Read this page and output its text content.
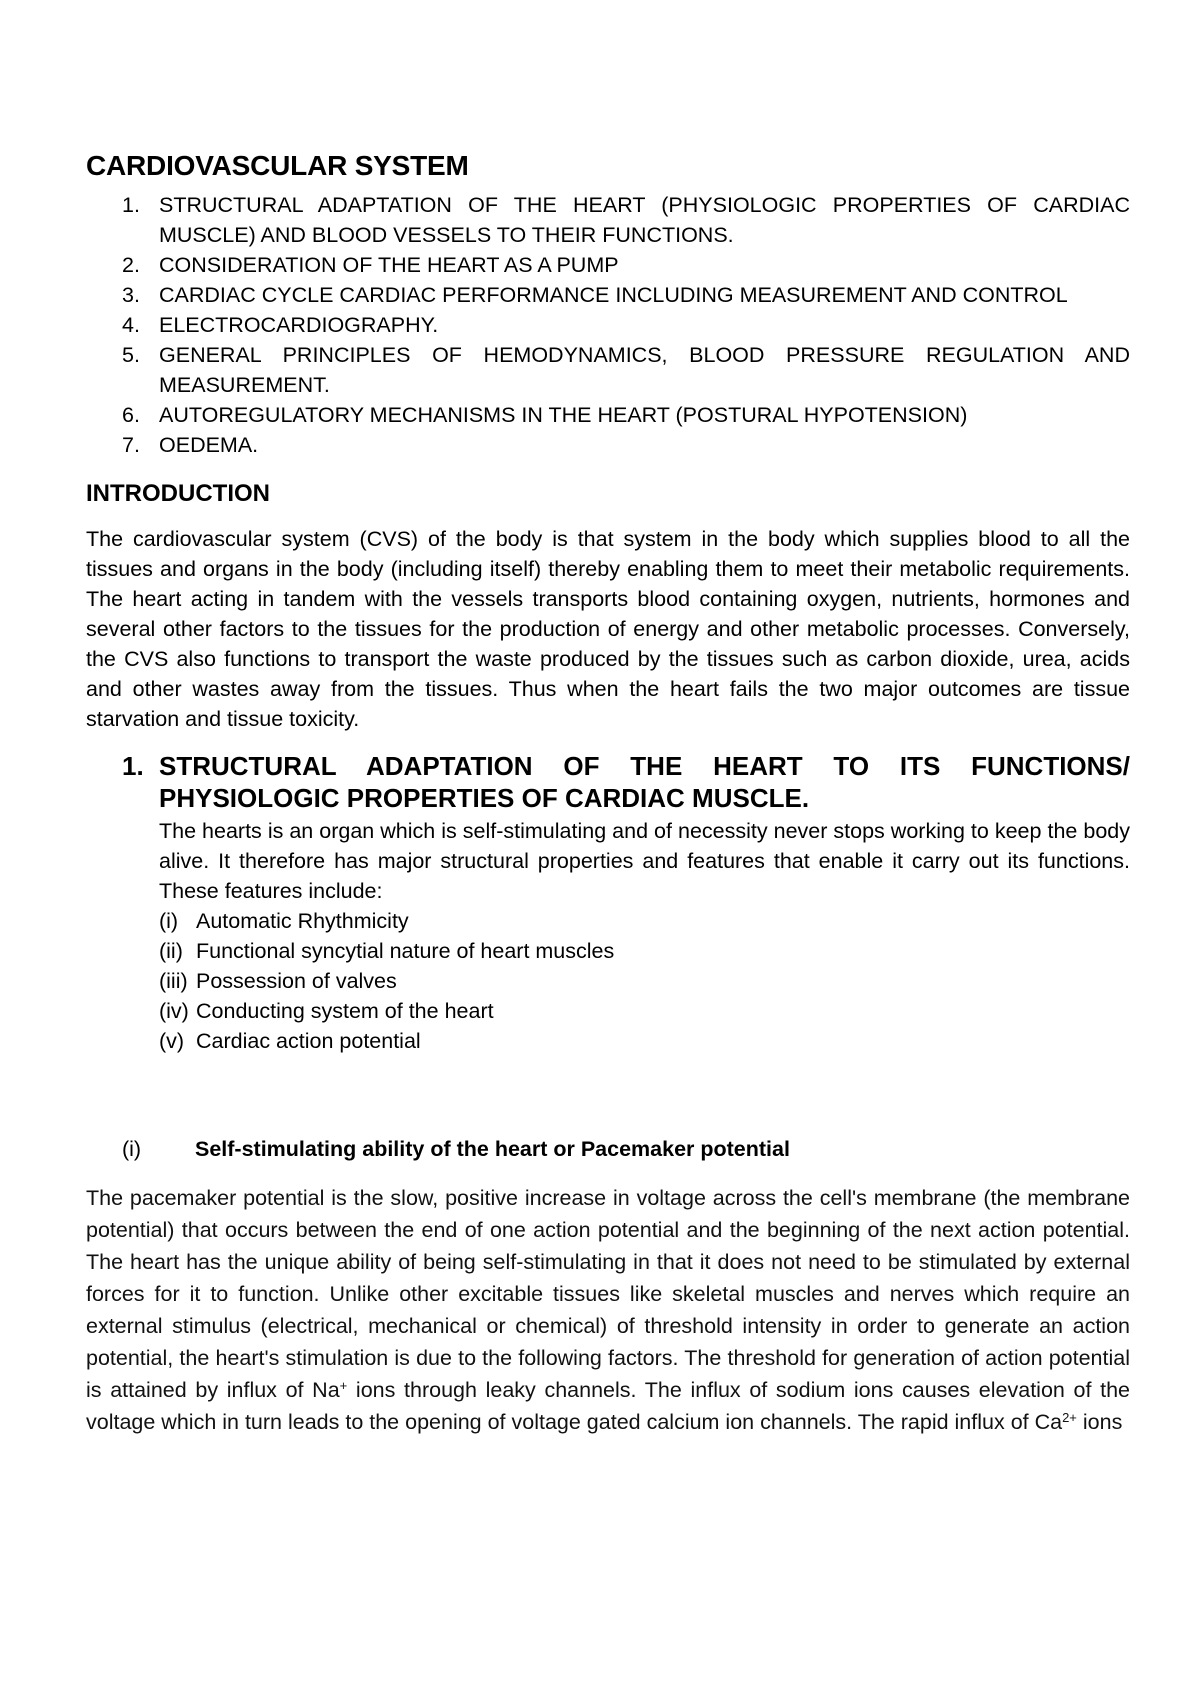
CARDIOVASCULAR SYSTEM
1. STRUCTURAL ADAPTATION OF THE HEART (PHYSIOLOGIC PROPERTIES OF CARDIAC MUSCLE) AND BLOOD VESSELS TO THEIR FUNCTIONS.
2. CONSIDERATION OF THE HEART AS A PUMP
3. CARDIAC CYCLE CARDIAC PERFORMANCE INCLUDING MEASUREMENT AND CONTROL
4. ELECTROCARDIOGRAPHY.
5. GENERAL PRINCIPLES OF HEMODYNAMICS, BLOOD PRESSURE REGULATION AND MEASUREMENT.
6. AUTOREGULATORY MECHANISMS IN THE HEART (POSTURAL HYPOTENSION)
7. OEDEMA.
INTRODUCTION

The cardiovascular system (CVS) of the body is that system in the body which supplies blood to all the tissues and organs in the body (including itself) thereby enabling them to meet their metabolic requirements. The heart acting in tandem with the vessels transports blood containing oxygen, nutrients, hormones and several other factors to the tissues for the production of energy and other metabolic processes. Conversely, the CVS also functions to transport the waste produced by the tissues such as carbon dioxide, urea, acids and other wastes away from the tissues. Thus when the heart fails the two major outcomes are tissue starvation and tissue toxicity.

1. STRUCTURAL ADAPTATION OF THE HEART TO ITS FUNCTIONS/ PHYSIOLOGIC PROPERTIES OF CARDIAC MUSCLE.

The hearts is an organ which is self-stimulating and of necessity never stops working to keep the body alive. It therefore has major structural properties and features that enable it carry out its functions. These features include:

(i) Automatic Rhythmicity
(ii) Functional syncytial nature of heart muscles
(iii) Possession of valves
(iv) Conducting system of the heart
(v) Cardiac action potential
(i)	Self-stimulating ability of the heart or Pacemaker potential

The pacemaker potential is the slow, positive increase in voltage across the cell's membrane (the membrane potential) that occurs between the end of one action potential and the beginning of the next action potential. The heart has the unique ability of being self-stimulating in that it does not need to be stimulated by external forces for it to function. Unlike other excitable tissues like skeletal muscles and nerves which require an external stimulus (electrical, mechanical or chemical) of threshold intensity in order to generate an action potential, the heart's stimulation is due to the following factors. The threshold for generation of action potential is attained by influx of Na+ ions through leaky channels. The influx of sodium ions causes elevation of the voltage which in turn leads to the opening of voltage gated calcium ion channels. The rapid influx of $Ca^{2+}$ ions
